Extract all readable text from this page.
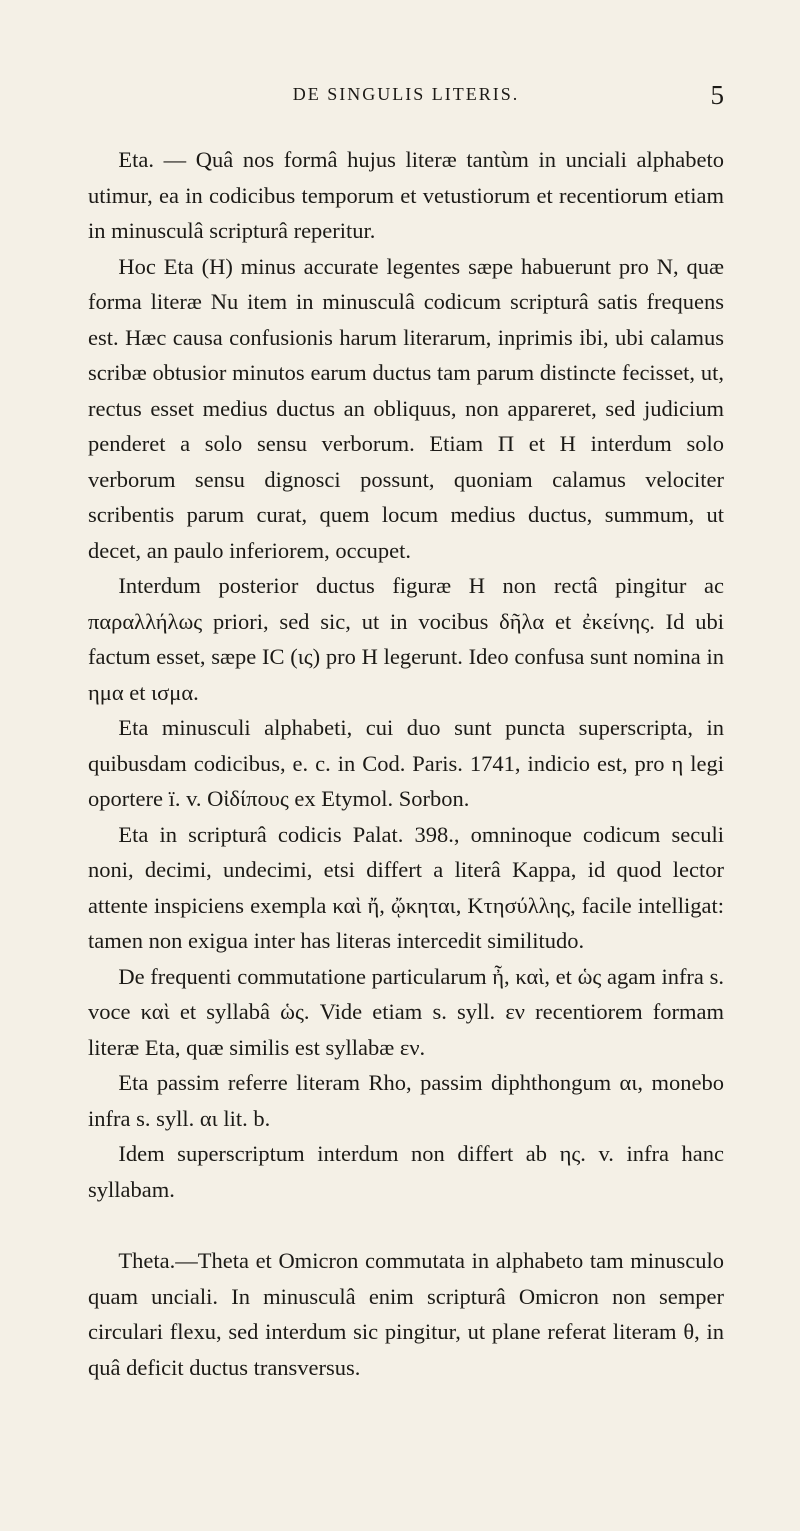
DE SINGULIS LITERIS.	5

Eta. — Quâ nos formâ hujus literæ tantùm in unciali alphabeto utimur, ea in codicibus temporum et vetustiorum et recentiorum etiam in minusculâ scripturâ reperitur.

Hoc Eta (H) minus accurate legentes sæpe habuerunt pro N, quæ forma literæ Nu item in minusculâ codicum scripturâ satis frequens est. Hæc causa confusionis harum literarum, inprimis ibi, ubi calamus scribæ obtusior minutos earum ductus tam parum distincte fecisset, ut, rectus esset medius ductus an obliquus, non appareret, sed judicium penderet a solo sensu verborum. Etiam Π et H interdum solo verborum sensu dignosci possunt, quoniam calamus velociter scribentis parum curat, quem locum medius ductus, summum, ut decet, an paulo inferiorem, occupet.

Interdum posterior ductus figuræ H non rectâ pingitur ac παραλλήλως priori, sed sic, ut in vocibus δῆλα et ἐκείνης. Id ubi factum esset, sæpe IC (ις) pro H legerunt. Ideo confusa sunt nomina in ημα et ισμα.

Eta minusculi alphabeti, cui duo sunt puncta superscripta, in quibusdam codicibus, e. c. in Cod. Paris. 1741, indicio est, pro η legi oportere ï. v. Οἰδίπους ex Etymol. Sorbon.

Eta in scripturâ codicis Palat. 398., omninoque codicum seculi noni, decimi, undecimi, etsi differt a literâ Kappa, id quod lector attente inspiciens exempla καὶ ἤ, ᾤκηται, Κτησύλλης, facile intelligat: tamen non exigua inter has literas intercedit similitudo.

De frequenti commutatione particularum ἦ, καὶ, et ὡς agam infra s. voce καὶ et syllabâ ὡς. Vide etiam s. syll. εν recentiorem formam literæ Eta, quæ similis est syllabæ εν.

Eta passim referre literam Rho, passim diphthongum αι, monebo infra s. syll. αι lit. b.

Idem superscriptum interdum non differt ab ης. v. infra hanc syllabam.

Theta.—Theta et Omicron commutata in alphabeto tam minusculo quam unciali. In minusculâ enim scripturâ Omicron non semper circulari flexu, sed interdum sic pingitur, ut plane referat literam θ, in quâ deficit ductus transversus.
